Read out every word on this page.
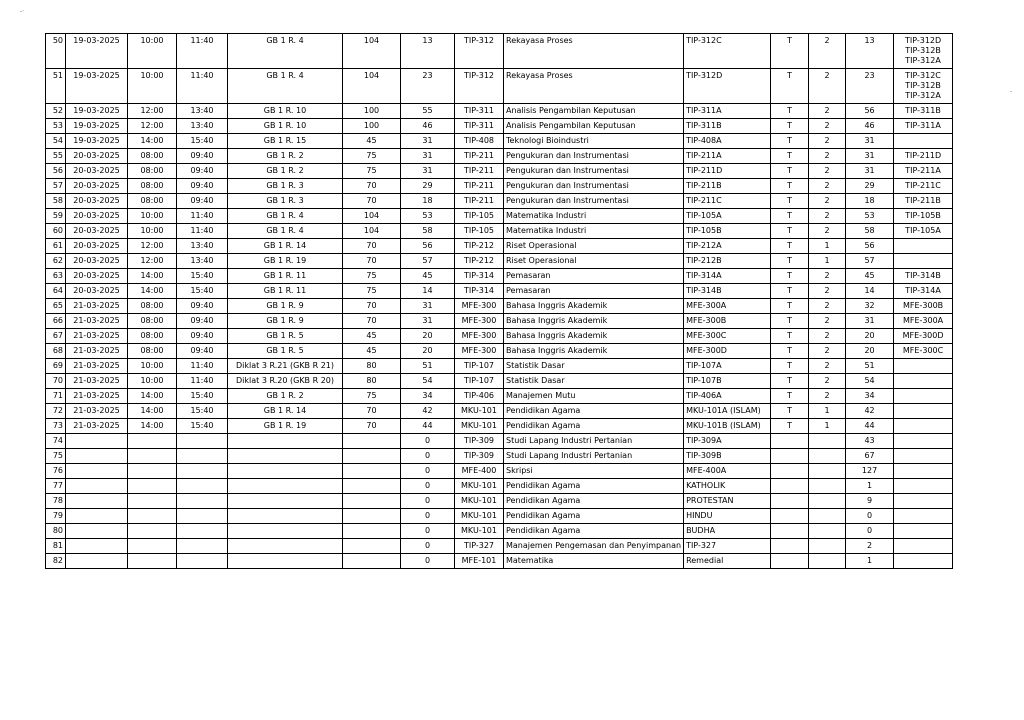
-·
-
50	19-03-2025	10:00	11:40	GB 1 R. 4	104	13	TIP-312	Rekayasa Proses	TIP-312C	T	2	13	TIP-312D
TIP-312B
TIP-312A

51	19-03-2025	10:00	11:40	GB 1 R. 4	104	23	TIP-312	Rekayasa Proses	TIP-312D	T	2	23	TIP-312C
TIP-312B
TIP-312A

52	19-03-2025	12:00	13:40	GB 1 R. 10	100	55	TIP-311	Analisis Pengambilan Keputusan	TIP-311A	T	2	56	TIP-311B

53	19-03-2025	12:00	13:40	GB 1 R. 10	100	46	TIP-311	Analisis Pengambilan Keputusan	TIP-311B	T	2	46	TIP-311A

54	19-03-2025	14:00	15:40	GB 1 R. 15	45	31	TIP-408	Teknologi Bioindustri	TIP-408A	T	2	31	

55	20-03-2025	08:00	09:40	GB 1 R. 2	75	31	TIP-211	Pengukuran dan Instrumentasi	TIP-211A	T	2	31	TIP-211D

56	20-03-2025	08:00	09:40	GB 1 R. 2	75	31	TIP-211	Pengukuran dan Instrumentasi	TIP-211D	T	2	31	TIP-211A

57	20-03-2025	08:00	09:40	GB 1 R. 3	70	29	TIP-211	Pengukuran dan Instrumentasi	TIP-211B	T	2	29	TIP-211C

58	20-03-2025	08:00	09:40	GB 1 R. 3	70	18	TIP-211	Pengukuran dan Instrumentasi	TIP-211C	T	2	18	TIP-211B

59	20-03-2025	10:00	11:40	GB 1 R. 4	104	53	TIP-105	Matematika Industri	TIP-105A	T	2	53	TIP-105B

60	20-03-2025	10:00	11:40	GB 1 R. 4	104	58	TIP-105	Matematika Industri	TIP-105B	T	2	58	TIP-105A

61	20-03-2025	12:00	13:40	GB 1 R. 14	70	56	TIP-212	Riset Operasional	TIP-212A	T	1	56	

62	20-03-2025	12:00	13:40	GB 1 R. 19	70	57	TIP-212	Riset Operasional	TIP-212B	T	1	57	

63	20-03-2025	14:00	15:40	GB 1 R. 11	75	45	TIP-314	Pemasaran	TIP-314A	T	2	45	TIP-314B

64	20-03-2025	14:00	15:40	GB 1 R. 11	75	14	TIP-314	Pemasaran	TIP-314B	T	2	14	TIP-314A

65	21-03-2025	08:00	09:40	GB 1 R. 9	70	31	MFE-300	Bahasa Inggris Akademik	MFE-300A	T	2	32	MFE-300B

66	21-03-2025	08:00	09:40	GB 1 R. 9	70	31	MFE-300	Bahasa Inggris Akademik	MFE-300B	T	2	31	MFE-300A

67	21-03-2025	08:00	09:40	GB 1 R. 5	45	20	MFE-300	Bahasa Inggris Akademik	MFE-300C	T	2	20	MFE-300D

68	21-03-2025	08:00	09:40	GB 1 R. 5	45	20	MFE-300	Bahasa Inggris Akademik	MFE-300D	T	2	20	MFE-300C

69	21-03-2025	10:00	11:40	Diklat 3 R.21 (GKB R 21)	80	51	TIP-107	Statistik Dasar	TIP-107A	T	2	51	

70	21-03-2025	10:00	11:40	Diklat 3 R.20 (GKB R 20)	80	54	TIP-107	Statistik Dasar	TIP-107B	T	2	54	

71	21-03-2025	14:00	15:40	GB 1 R. 2	75	34	TIP-406	Manajemen Mutu	TIP-406A	T	2	34	

72	21-03-2025	14:00	15:40	GB 1 R. 14	70	42	MKU-101	Pendidikan Agama	MKU-101A (ISLAM)	T	1	42	

73	21-03-2025	14:00	15:40	GB 1 R. 19	70	44	MKU-101	Pendidikan Agama	MKU-101B (ISLAM)	T	1	44	

74						0	TIP-309	Studi Lapang Industri Pertanian	TIP-309A			43	

75						0	TIP-309	Studi Lapang Industri Pertanian	TIP-309B			67	

76						0	MFE-400	Skripsi	MFE-400A			127	

77						0	MKU-101	Pendidikan Agama	KATHOLIK			1	

78						0	MKU-101	Pendidikan Agama	PROTESTAN			9	

79						0	MKU-101	Pendidikan Agama	HINDU			0	

80						0	MKU-101	Pendidikan Agama	BUDHA			0	

81						0	TIP-327	Manajemen Pengemasan dan Penyimpanan	TIP-327			2	

82						0	MFE-101	Matematika	Remedial			1	
